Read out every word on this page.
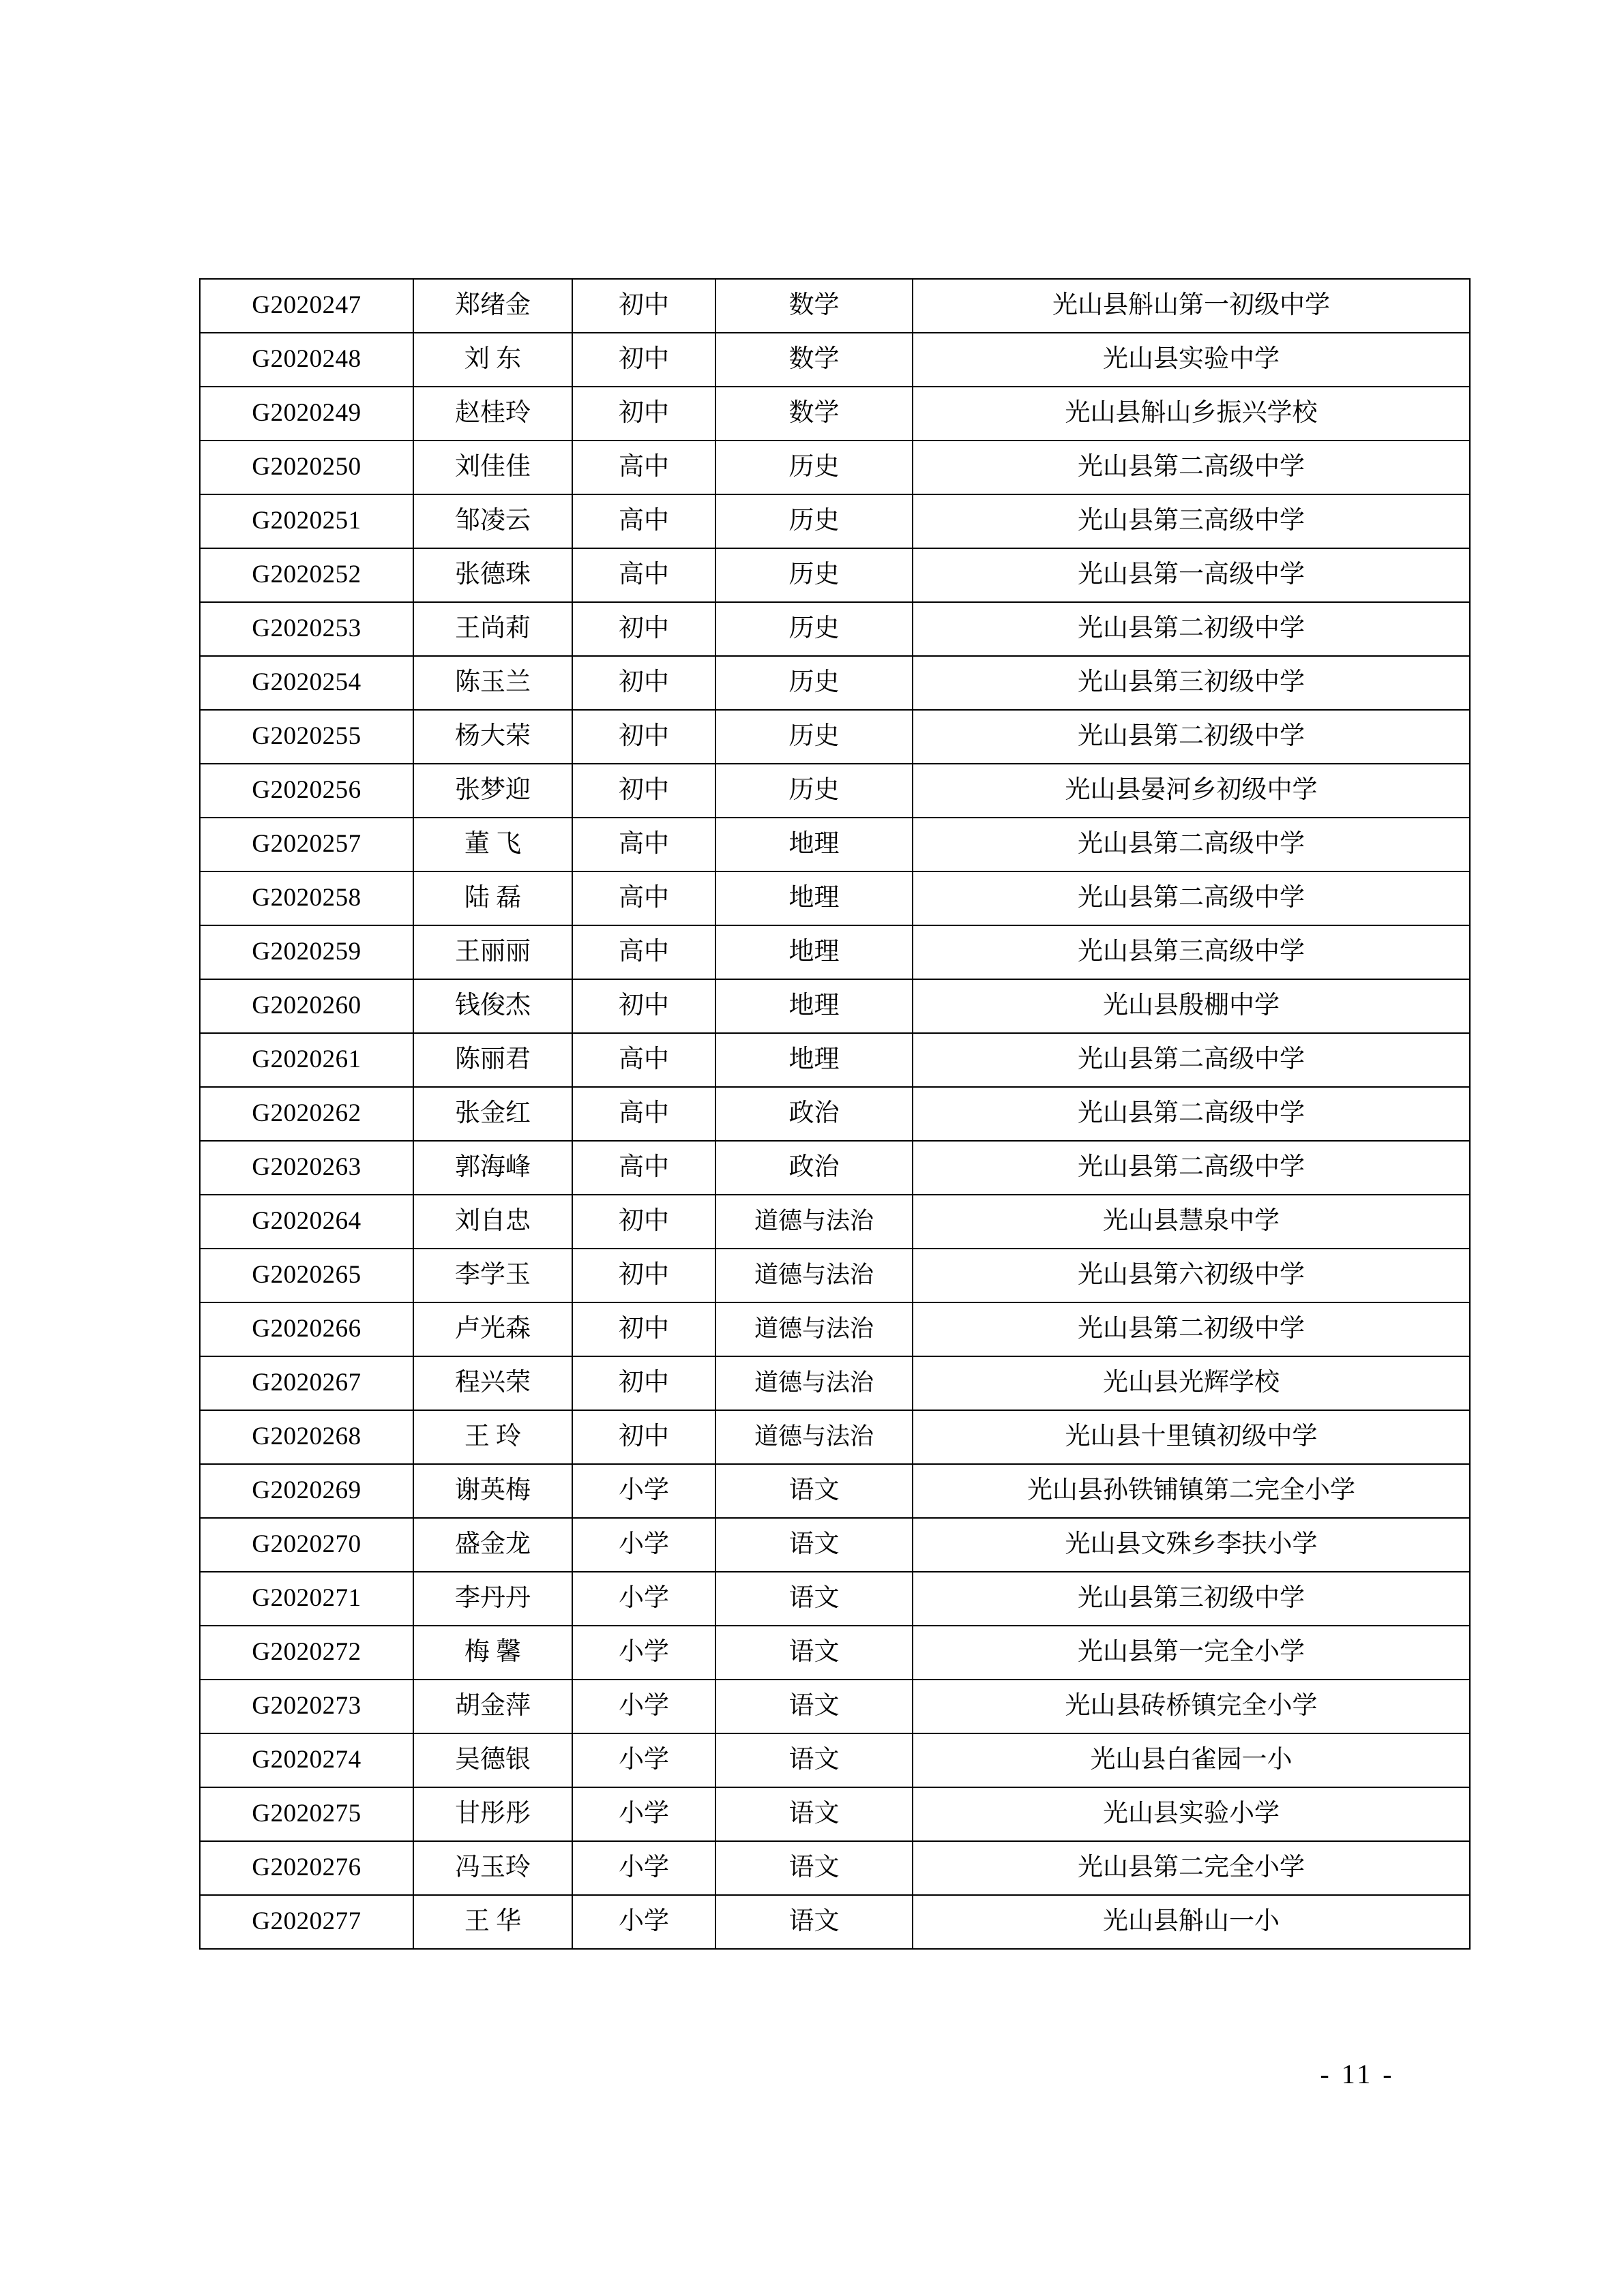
G2020247	郑绪金	初中	数学	光山县斛山第一初级中学
G2020248	刘 东	初中	数学	光山县实验中学
G2020249	赵桂玲	初中	数学	光山县斛山乡振兴学校
G2020250	刘佳佳	高中	历史	光山县第二高级中学
G2020251	邹凌云	高中	历史	光山县第三高级中学
G2020252	张德珠	高中	历史	光山县第一高级中学
G2020253	王尚莉	初中	历史	光山县第二初级中学
G2020254	陈玉兰	初中	历史	光山县第三初级中学
G2020255	杨大荣	初中	历史	光山县第二初级中学
G2020256	张梦迎	初中	历史	光山县晏河乡初级中学
G2020257	董 飞	高中	地理	光山县第二高级中学
G2020258	陆 磊	高中	地理	光山县第二高级中学
G2020259	王丽丽	高中	地理	光山县第三高级中学
G2020260	钱俊杰	初中	地理	光山县殷棚中学
G2020261	陈丽君	高中	地理	光山县第二高级中学
G2020262	张金红	高中	政治	光山县第二高级中学
G2020263	郭海峰	高中	政治	光山县第二高级中学
G2020264	刘自忠	初中	道德与法治	光山县慧泉中学
G2020265	李学玉	初中	道德与法治	光山县第六初级中学
G2020266	卢光森	初中	道德与法治	光山县第二初级中学
G2020267	程兴荣	初中	道德与法治	光山县光辉学校
G2020268	王 玲	初中	道德与法治	光山县十里镇初级中学
G2020269	谢英梅	小学	语文	光山县孙铁铺镇第二完全小学
G2020270	盛金龙	小学	语文	光山县文殊乡李扶小学
G2020271	李丹丹	小学	语文	光山县第三初级中学
G2020272	梅 馨	小学	语文	光山县第一完全小学
G2020273	胡金萍	小学	语文	光山县砖桥镇完全小学
G2020274	吴德银	小学	语文	光山县白雀园一小
G2020275	甘彤彤	小学	语文	光山县实验小学
G2020276	冯玉玲	小学	语文	光山县第二完全小学
G2020277	王 华	小学	语文	光山县斛山一小
- 11 -
